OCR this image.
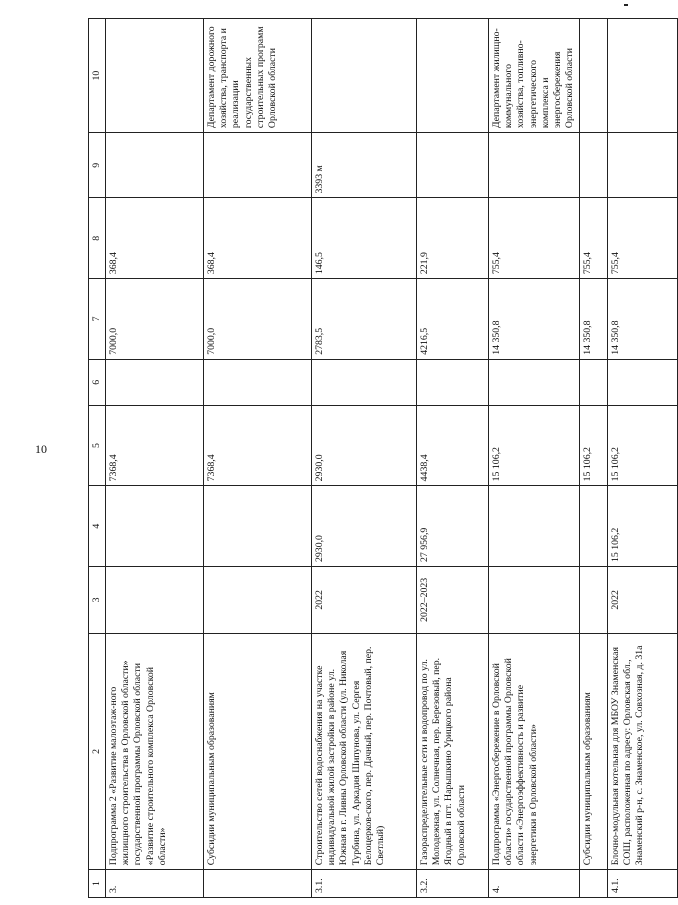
10
1	2	3	4	5	6	7	8	9	10
3.	Подпрограмма 2 «Развитие малоэтаж-ного жилищного строительства в Орловской области» государственной программы Орловской области «Развитие строительного комплекса Орловской области»			7368,4		7000,0	368,4		
	Субсидии муниципальным образованиям			7368,4		7000,0	368,4		Департамент дорожного хозяйства, транспорта и реализации государственных строительных программ Орловской области
3.1.	Строительство сетей водоснабжения на участке индивидуальной жилой застройки в районе ул. Южная в г. Ливны Орловской области (ул. Николая Турбина, ул. Аркадия Шипунова, ул. Сергея Белоцерков-ского, пер. Дачный, пер. Почтовый, пер. Светлый)	2022	2930,0	2930,0		2783,5	146,5	3393 м	
3.2.	Газораспределительные сети и водопровод по ул. Молодежная, ул. Солнечная, пер. Березовый, пер. Ягодный в пгт. Нарышкино Урицкого района Орловской области	2022–2023	27 956,9	4438,4		4216,5	221,9		
4.	Подпрограмма «Энергосбережение в Орловской области» государственной программы Орловской области «Энергоэффективность и развитие энергетики в Орловской области»			15 106,2		14 350,8	755,4		Департамент жилищно-коммунального хозяйства, топливно-энергетического комплекса и энергосбережения Орловской области
	Субсидии муниципальным образованиям			15 106,2		14 350,8	755,4		
4.1.	Блочно-модульная котельная для МБОУ Знаменская СОШ, расположенная по адресу: Орловская обл., Знаменский р-н, с. Знаменское, ул. Совхозная, д. 31а	2022	15 106,2	15 106,2		14 350,8	755,4		
